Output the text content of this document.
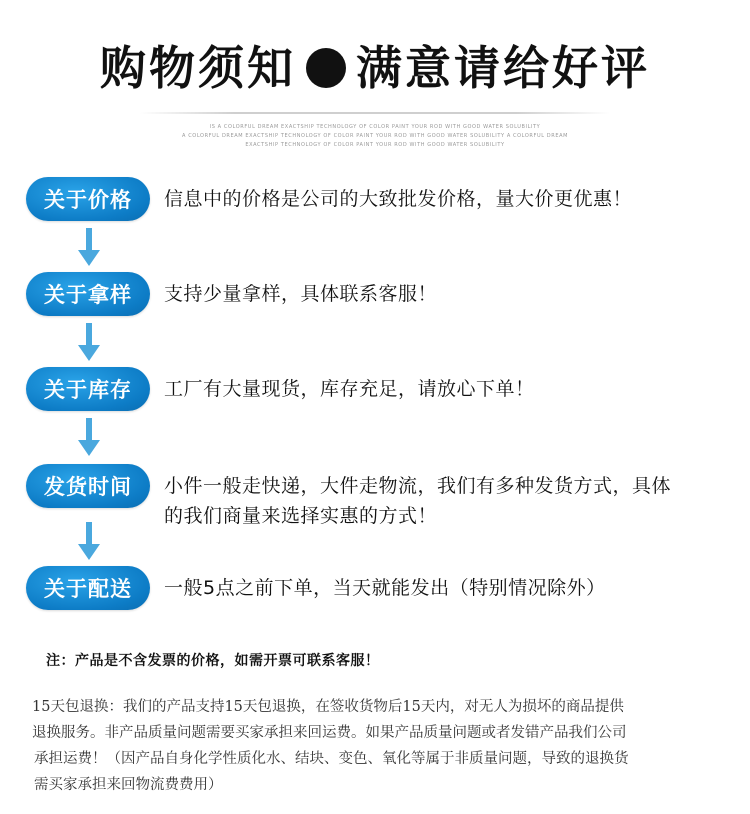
购物须知 满意请给好评
IS A COLORFUL DREAM EXACTSHIP TECHNOLOGY OF COLOR PAINT YOUR ROD WITH GOOD WATER SOLUBILITY
A COLORFUL DREAM EXACTSHIP TECHNOLOGY OF COLOR PAINT YOUR ROD WITH GOOD WATER SOLUBILITY A COLORFUL DREAM
EXACTSHIP TECHNOLOGY OF COLOR PAINT YOUR ROD WITH GOOD WATER SOLUBILITY
关于价格	信息中的价格是公司的大致批发价格，量大价更优惠！
关于拿样	支持少量拿样，具体联系客服！
关于库存	工厂有大量现货，库存充足，请放心下单！
发货时间	小件一般走快递，大件走物流，我们有多种发货方式，具体
的我们商量来选择实惠的方式！
关于配送	一般5点之前下单，当天就能发出（特别情况除外）
注：产品是不含发票的价格，如需开票可联系客服！

15天包退换：我们的产品支持15天包退换，在签收货物后15天内，对无人为损坏的商品提供

退换服务。非产品质量问题需要买家承担来回运费。如果产品质量问题或者发错产品我们公司

承担运费！（因产品自身化学性质化水、结块、变色、氧化等属于非质量问题，导致的退换货

需买家承担来回物流费费用）
